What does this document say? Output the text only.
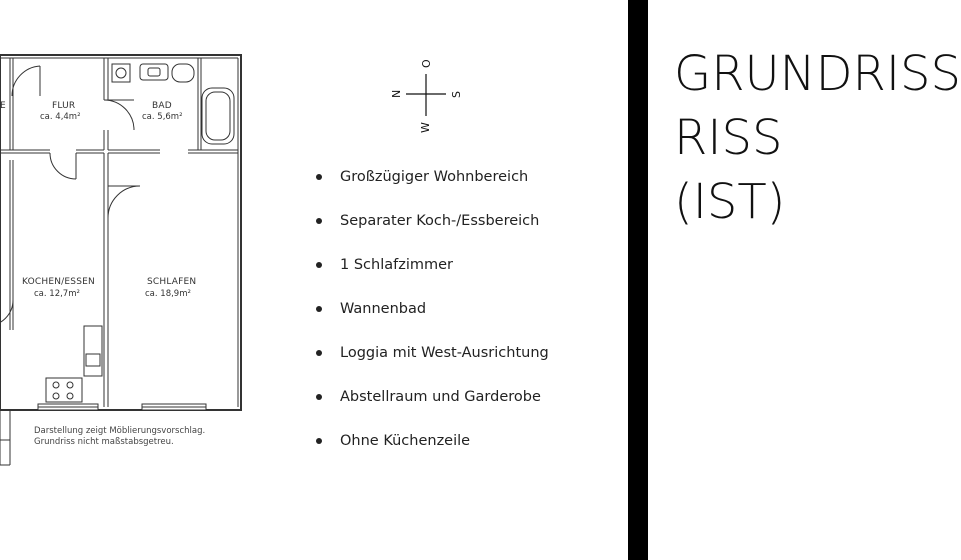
E	FLUR
ca. 4,4m²
BAD
ca. 5,6m²
KOCHEN/ESSEN
ca. 12,7m²
SCHLAFEN
ca. 18,9m²
Darstellung zeigt Möblierungsvorschlag.
Grundriss nicht maßstabsgetreu.
O
N	S
W
Großzügiger Wohnbereich
Separater Koch-/Essbereich
1 Schlafzimmer
Wannenbad
Loggia mit West-Ausrichtung
Abstellraum und Garderobe
Ohne Küchenzeile
GRUNDRISS
RISS
(IST)
